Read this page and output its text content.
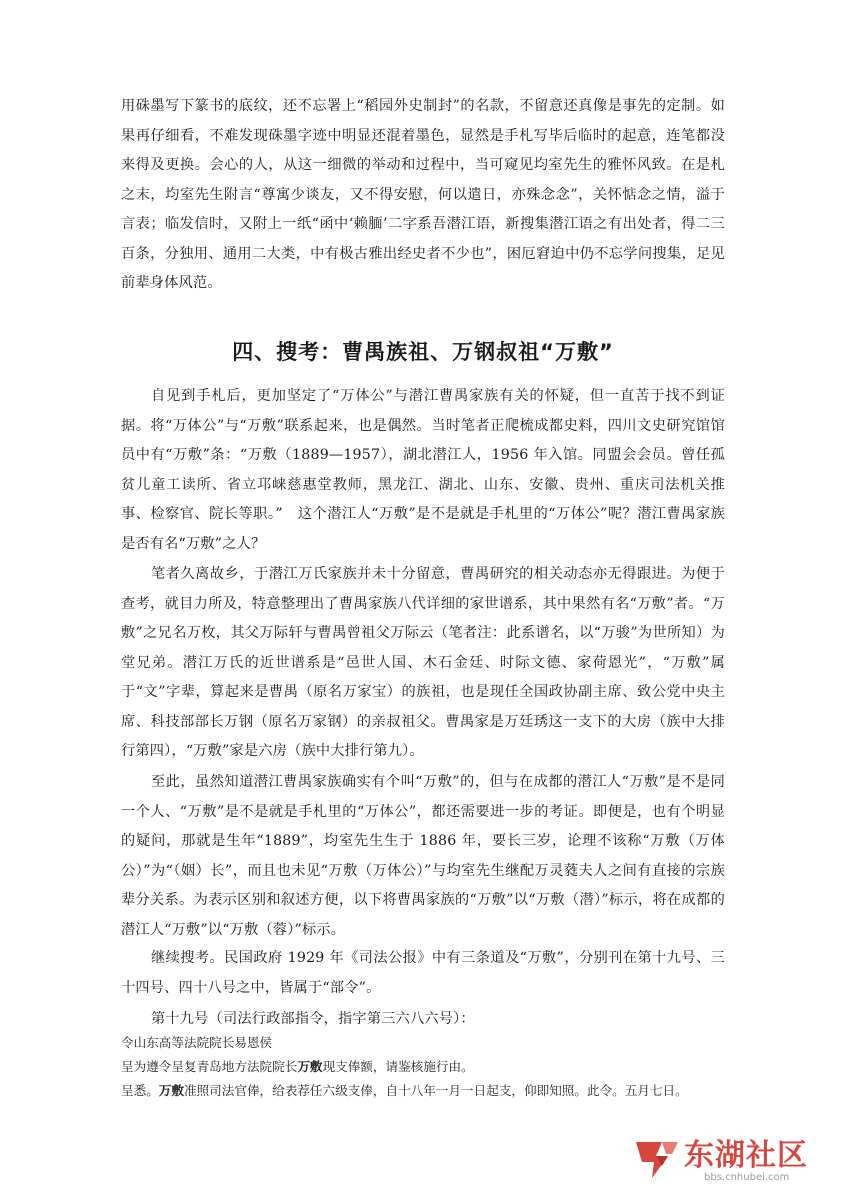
用硃墨写下篆书的底纹，还不忘署上“稻园外史制封”的名款，不留意还真像是事先的定制。如果再仔细看，不难发现硃墨字迹中明显还混着墨色，显然是手札写毕后临时的起意，连笔都没来得及更换。会心的人，从这一细微的举动和过程中，当可窥见均室先生的雅怀风致。在是札之末，均室先生附言“尊寓少谈友，又不得安慰，何以遣日，亦殊念念”，关怀惦念之情，溢于言表；临发信时，又附上一纸“函中‘赖腼’二字系吾潜江语，新搜集潜江语之有出处者，得二三百条，分独用、通用二大类，中有极古雅出经史者不少也”，困厄窘迫中仍不忘学问搜集，足见前辈身体风范。

四、搜考：曹禺族祖、万钢叔祖“万敷”

自见到手札后，更加坚定了“万体公”与潜江曹禺家族有关的怀疑，但一直苦于找不到证据。将“万体公”与“万敷”联系起来，也是偶然。当时笔者正爬梳成都史料，四川文史研究馆馆员中有“万敷”条：“万敷（1889—1957），湖北潜江人，1956 年入馆。同盟会会员。曾任孤贫儿童工读所、省立邛崃慈惠堂教师，黑龙江、湖北、山东、安徽、贵州、重庆司法机关推事、检察官、院长等职。”　这个潜江人“万敷”是不是就是手札里的“万体公”呢？潜江曹禺家族是否有名“万敷”之人？

笔者久离故乡，于潜江万氏家族并未十分留意，曹禺研究的相关动态亦无得跟进。为便于查考，就目力所及，特意整理出了曹禺家族八代详细的家世谱系，其中果然有名“万敷”者。“万敷”之兄名万枚，其父万际轩与曹禺曾祖父万际云（笔者注：此系谱名，以“万骏”为世所知）为堂兄弟。潜江万氏的近世谱系是“邑世人国、木石金廷、时际文德、家荷恩光”，“万敷”属于“文”字辈，算起来是曹禺（原名万家宝）的族祖，也是现任全国政协副主席、致公党中央主席、科技部部长万钢（原名万家钢）的亲叔祖父。曹禺家是万廷琇这一支下的大房（族中大排行第四），“万敷”家是六房（族中大排行第九）。

至此，虽然知道潜江曹禺家族确实有个叫“万敷”的，但与在成都的潜江人“万敷”是不是同一个人、“万敷”是不是就是手札里的“万体公”，都还需要进一步的考证。即便是，也有个明显的疑问，那就是生年“1889”，均室先生生于 1886 年，要长三岁，论理不该称“万敷（万体公）”为“（姻）长”，而且也未见“万敷（万体公）”与均室先生继配万灵蕤夫人之间有直接的宗族辈分关系。为表示区别和叙述方便，以下将曹禺家族的“万敷”以“万敷（潜）”标示，将在成都的潜江人“万敷”以“万敷（蓉）”标示。

继续搜考。民国政府 1929 年《司法公报》中有三条道及“万敷”，分别刊在第十九号、三十四号、四十八号之中，皆属于“部令”。

第十九号（司法行政部指令，指字第三六八六号）：

令山东高等法院院长易恩侯

呈为遵令呈复青岛地方法院院长万敷现支俸额，请鉴核施行由。

呈悉。万敷准照司法官俸，给表荐任六级支俸，自十八年一月一日起支，仰即知照。此令。五月七日。

东湖社区
bbs.cnhubei.com
